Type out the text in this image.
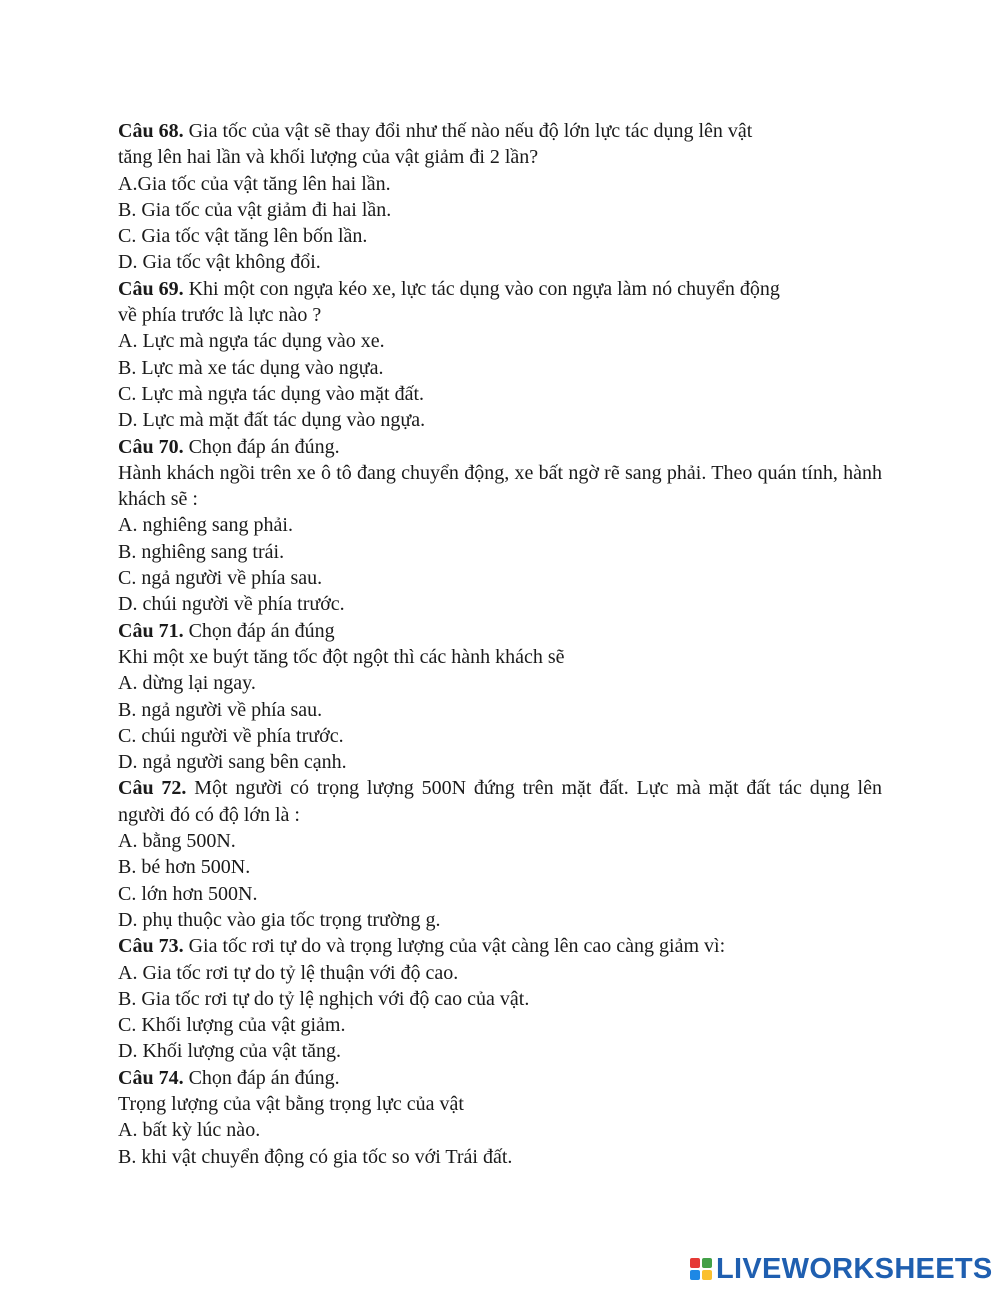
Câu 68. Gia tốc của vật sẽ thay đổi như thế nào nếu độ lớn lực tác dụng lên vật
tăng lên hai lần và khối lượng của vật giảm đi 2 lần?
A.Gia tốc của vật tăng lên hai lần.
B. Gia tốc của vật giảm đi hai lần.
C. Gia tốc vật tăng lên bốn lần.
D. Gia tốc vật không đổi.
Câu 69. Khi một con ngựa kéo xe, lực tác dụng vào con ngựa làm nó chuyển động
về phía trước là lực nào ?
A. Lực mà ngựa tác dụng vào xe.
B. Lực mà xe tác dụng vào ngựa.
C. Lực mà ngựa tác dụng vào mặt đất.
D. Lực mà mặt đất tác dụng vào ngựa.
Câu 70. Chọn đáp án đúng.
Hành khách ngồi trên xe ô tô đang chuyển động, xe bất ngờ rẽ sang phải. Theo quán tính, hành khách sẽ :
A. nghiêng sang phải.
B. nghiêng sang trái.
C. ngả người về phía sau.
D. chúi người về phía trước.
Câu 71. Chọn đáp án đúng
Khi một xe buýt tăng tốc đột ngột thì các hành khách sẽ
A. dừng lại ngay.
B. ngả người về phía sau.
C. chúi người về phía trước.
D. ngả người sang bên cạnh.
Câu 72. Một người có trọng lượng 500N đứng trên mặt đất. Lực mà mặt đất tác dụng lên người đó có độ lớn là :
A. bằng 500N.
B. bé hơn 500N.
C. lớn hơn 500N.
D. phụ thuộc vào gia tốc trọng trường g.
Câu 73. Gia tốc rơi tự do và trọng lượng của vật càng lên cao càng giảm vì:
A. Gia tốc rơi tự do tỷ lệ thuận với độ cao.
B. Gia tốc rơi tự do tỷ lệ nghịch với độ cao của vật.
C. Khối lượng của vật giảm.
D. Khối lượng của vật tăng.
Câu 74. Chọn đáp án đúng.
Trọng lượng của vật bằng trọng lực của vật
A. bất kỳ lúc nào.
B. khi vật chuyển động có gia tốc so với Trái đất.
LIVEWORKSHEETS
